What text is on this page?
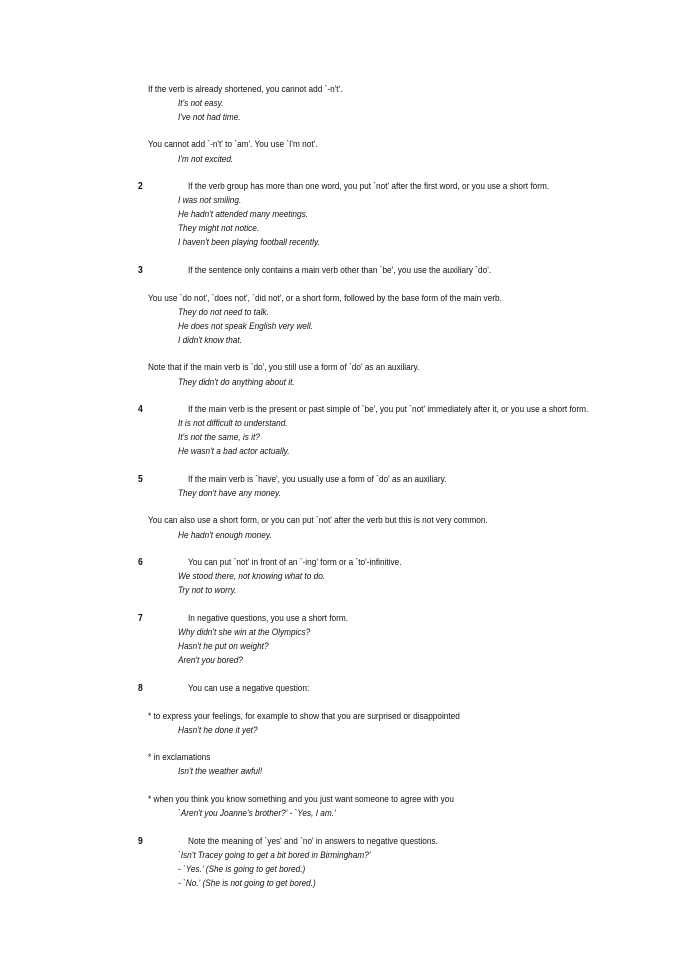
If the verb is already shortened, you cannot add `-n't'.
It's not easy.
I've not had time.
You cannot add `-n't' to `am'. You use `I'm not'.
I'm not excited.
2	If the verb group has more than one word, you put `not' after the first word, or you use a short form.
I was not smiling.
He hadn't attended many meetings.
They might not notice.
I haven't been playing football recently.
3	If the sentence only contains a main verb other than `be', you use the auxiliary `do'.
You use `do not', `does not', `did not', or a short form, followed by the base form of the main verb.
They do not need to talk.
He does not speak English very well.
I didn't know that.
Note that if the main verb is `do', you still use a form of `do' as an auxiliary.
They didn't do anything about it.
4	If the main verb is the present or past simple of `be', you put `not' immediately after it, or you use a short form.
It is not difficult to understand.
It's not the same, is it?
He wasn't a bad actor actually.
5	If the main verb is `have', you usually use a form of `do' as an auxiliary.
They don't have any money.
You can also use a short form, or you can put `not' after the verb but this is not very common.
He hadn't enough money.
6	You can put `not' in front of an `-ing' form or a `to'-infinitive.
We stood there, not knowing what to do.
Try not to worry.
7	In negative questions, you use a short form.
Why didn't she win at the Olympics?
Hasn't he put on weight?
Aren't you bored?
8	You can use a negative question:
* to express your feelings, for example to show that you are surprised or disappointed
Hasn't he done it yet?
* in exclamations
Isn't the weather awful!
* when you think you know something and you just want someone to agree with you
`Aren't you Joanne's brother?' - `Yes, I am.'
9	Note the meaning of `yes' and `no' in answers to negative questions.
`Isn't Tracey going to get a bit bored in Birmingham?'
- `Yes.' (She is going to get bored.)
- `No.' (She is not going to get bored.)
